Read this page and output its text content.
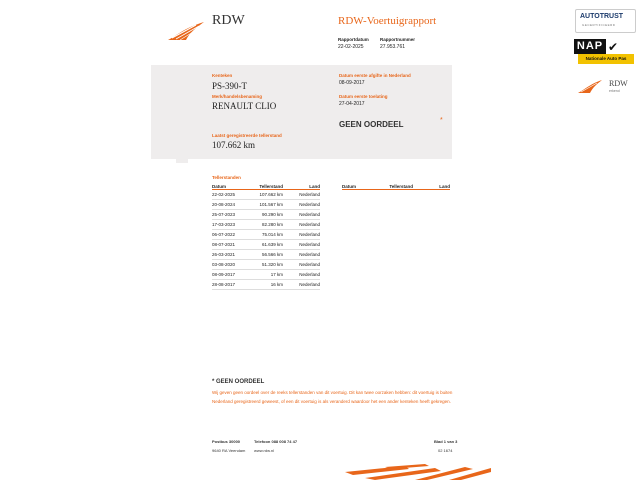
RDW	RDW-Voertuigrapport
Rapportdatum
22-02-2025
Rapportnummer
27.953.761
Kenteken
PS-390-T
Merk/handelsbenaming
RENAULT CLIO
Laatst geregistreerde tellerstand
107.662 km
Datum eerste afgifte in Nederland
08-09-2017
Datum eerste toelating
27-04-2017
GEEN OORDEEL	*
Tellerstanden
Datum	Tellerstand	Land
22-02-2025	107.662 km	Nederland
20-08-2024	101.567 km	Nederland
25-07-2023	90.290 km	Nederland
17-03-2023	82.280 km	Nederland
06-07-2022	75.014 km	Nederland
08-07-2021	61.639 km	Nederland
26-03-2021	56.566 km	Nederland
03-08-2020	51.320 km	Nederland
08-09-2017	17 km	Nederland
28-08-2017	16 km	Nederland
Datum	Tellerstand	Land
* GEEN OORDEEL
Wij geven geen oordeel over de reeks tellerstanden van dit voertuig. Dit kan twee oorzaken hebben: dit voertuig is buiten Nederland geregistreerd geweest, of een dit voertuig is als veranderd waardoor het een ander kenteken heeft gekregen.
Postbus 30000
9640 RA Veendam
Telefoon 088 008 74 47
www.rdw.nl
Blad 1 van 3
02 1674
AUTOTRUST
GECERTIFICEERD
NAP ✔
Nationale Auto Pas
RDW
erkend
